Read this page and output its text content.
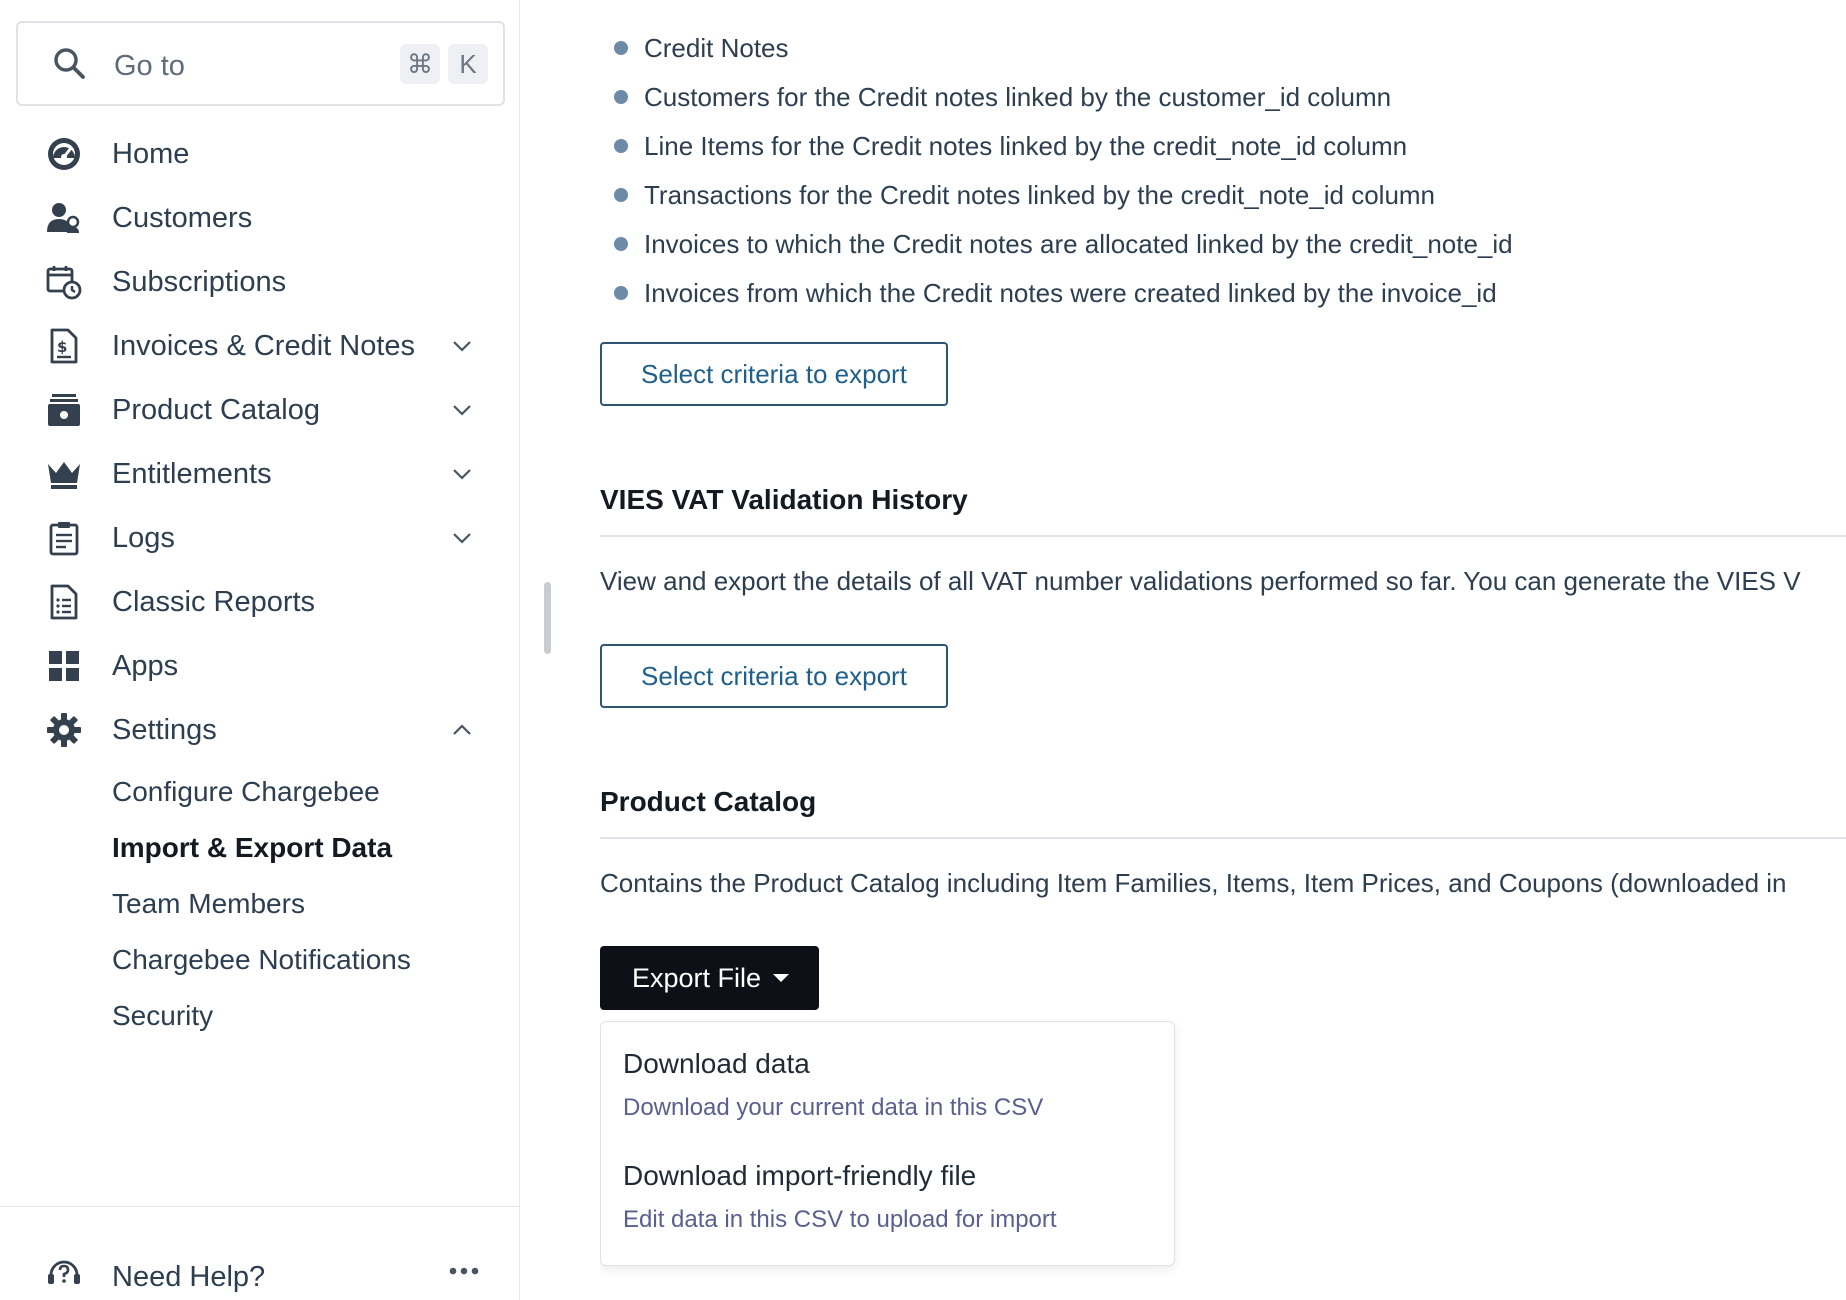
Go to	⌘	K
Home
Customers
Subscriptions
$ Invoices & Credit Notes
Product Catalog
Entitlements
Logs
Classic Reports
Apps
Settings
Configure Chargebee
Import & Export Data
Team Members
Chargebee Notifications
Security
Need Help?
Credit Notes
Customers for the Credit notes linked by the customer_id column
Line Items for the Credit notes linked by the credit_note_id column
Transactions for the Credit notes linked by the credit_note_id column
Invoices to which the Credit notes are allocated linked by the credit_note_id
Invoices from which the Credit notes were created linked by the invoice_id
Select criteria to export
VIES VAT Validation History
View and export the details of all VAT number validations performed so far. You can generate the VIES V
Select criteria to export
Product Catalog
Contains the Product Catalog including Item Families, Items, Item Prices, and Coupons (downloaded in
Export File
Download data
Download your current data in this CSV
Download import-friendly file
Edit data in this CSV to upload for import
